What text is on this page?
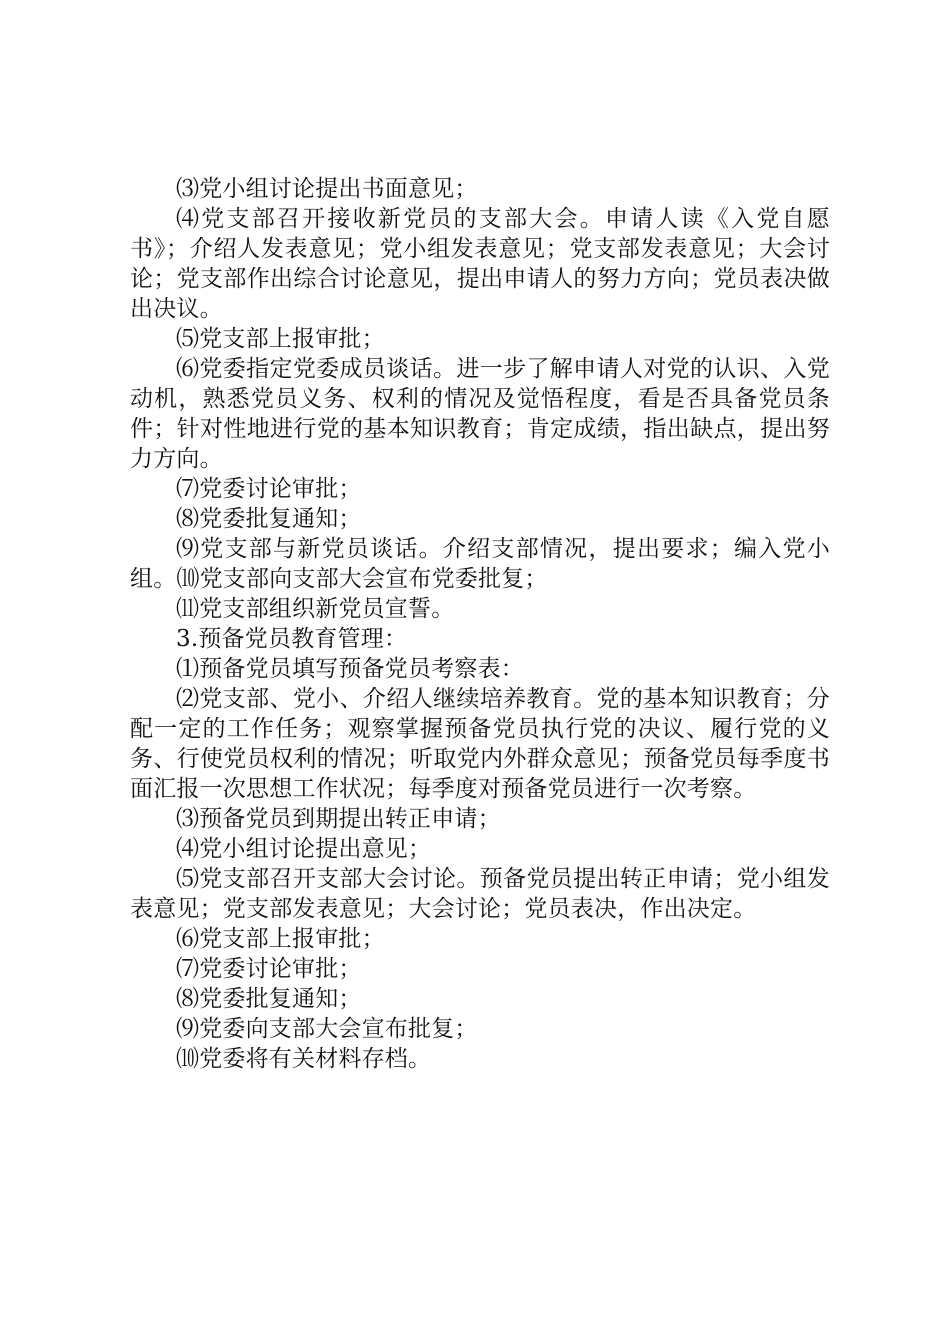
⑶党小组讨论提出书面意见；

⑷党支部召开接收新党员的支部大会。申请人读《入党自愿书》；介绍人发表意见；党小组发表意见；党支部发表意见；大会讨论；党支部作出综合讨论意见，提出申请人的努力方向；党员表决做出决议。

⑸党支部上报审批；

⑹党委指定党委成员谈话。进一步了解申请人对党的认识、入党动机，熟悉党员义务、权利的情况及觉悟程度，看是否具备党员条件；针对性地进行党的基本知识教育；肯定成绩，指出缺点，提出努力方向。

⑺党委讨论审批；

⑻党委批复通知；

⑼党支部与新党员谈话。介绍支部情况，提出要求；编入党小组。⑽党支部向支部大会宣布党委批复；

⑾党支部组织新党员宣誓。

3.预备党员教育管理：

⑴预备党员填写预备党员考察表：

⑵党支部、党小、介绍人继续培养教育。党的基本知识教育；分配一定的工作任务；观察掌握预备党员执行党的决议、履行党的义务、行使党员权利的情况；听取党内外群众意见；预备党员每季度书面汇报一次思想工作状况；每季度对预备党员进行一次考察。

⑶预备党员到期提出转正申请；

⑷党小组讨论提出意见；

⑸党支部召开支部大会讨论。预备党员提出转正申请；党小组发表意见；党支部发表意见；大会讨论；党员表决，作出决定。

⑹党支部上报审批；

⑺党委讨论审批；

⑻党委批复通知；

⑼党委向支部大会宣布批复；

⑽党委将有关材料存档。
